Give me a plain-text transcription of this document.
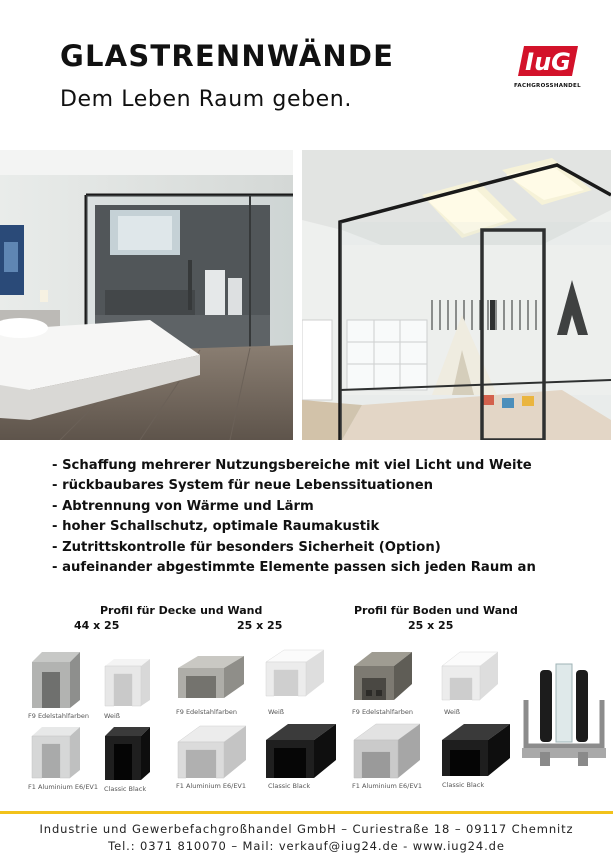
GLASTRENNWÄNDE
Dem Leben Raum geben.
IuG
FACHGROSSHANDEL
- Schaffung mehrerer Nutzungsbereiche mit viel Licht und Weite
- rückbaubares System für neue Lebenssituationen
- Abtrennung von Wärme und Lärm
- hoher Schallschutz, optimale Raumakustik
- Zutrittskontrolle für besonders Sicherheit (Option)
- aufeinander abgestimmte Elemente passen sich jeden Raum an
Profil für Decke und Wand	Profil für Boden und Wand
44 x 25	25 x 25	25 x 25
F9 Edelstahlfarben Weiß
F1 Aluminium E6/EV1 Classic Black
F9 Edelstahlfarben	Weiß
F1 Aluminium E6/EV1	Classic Black
F9 Edelstahlfarben	Weiß
F1 Aluminium E6/EV1	Classic Black
Industrie und Gewerbefachgroßhandel GmbH – Curiestraße 18 – 09117 Chemnitz
Tel.: 0371 810070 – Mail: verkauf@iug24.de - www.iug24.de
